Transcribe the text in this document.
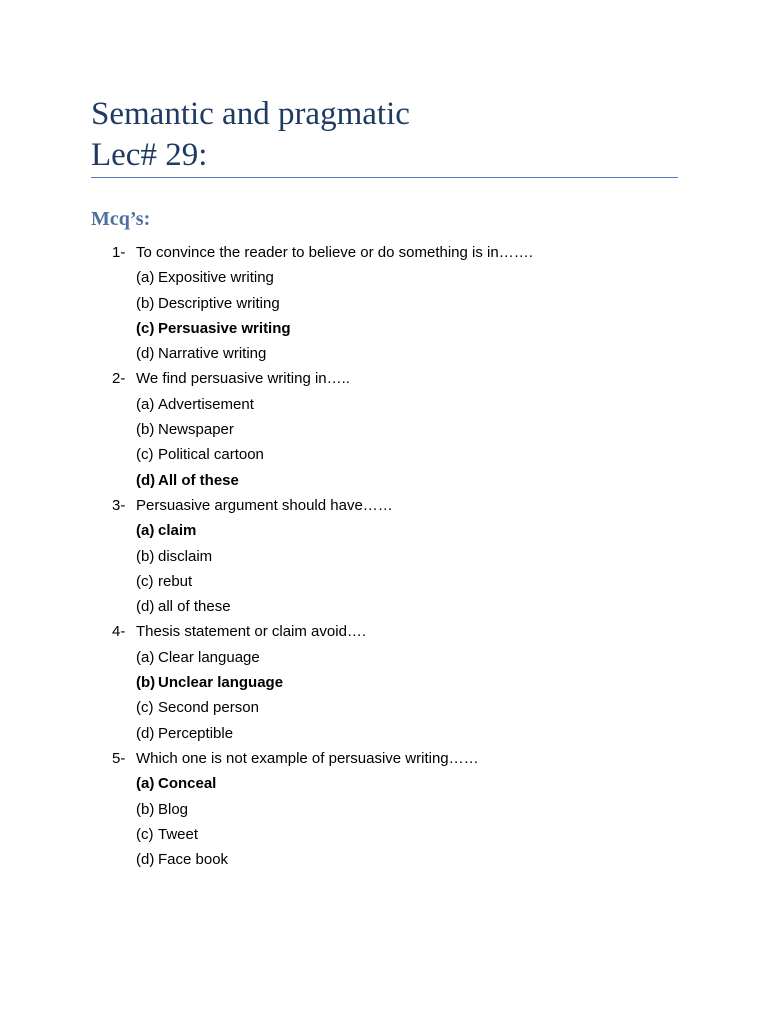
Semantic and pragmatic
Lec# 29:
Mcq’s:
1- To convince the reader to believe or do something is in…….
(a) Expositive writing
(b) Descriptive writing
(c) Persuasive writing
(d) Narrative writing
2- We find persuasive writing in…..
(a) Advertisement
(b) Newspaper
(c) Political cartoon
(d) All of these
3- Persuasive argument should have……
(a) claim
(b) disclaim
(c) rebut
(d) all of these
4- Thesis statement or claim avoid….
(a) Clear language
(b) Unclear language
(c) Second person
(d) Perceptible
5- Which one is not example of persuasive writing……
(a) Conceal
(b) Blog
(c) Tweet
(d) Face book
